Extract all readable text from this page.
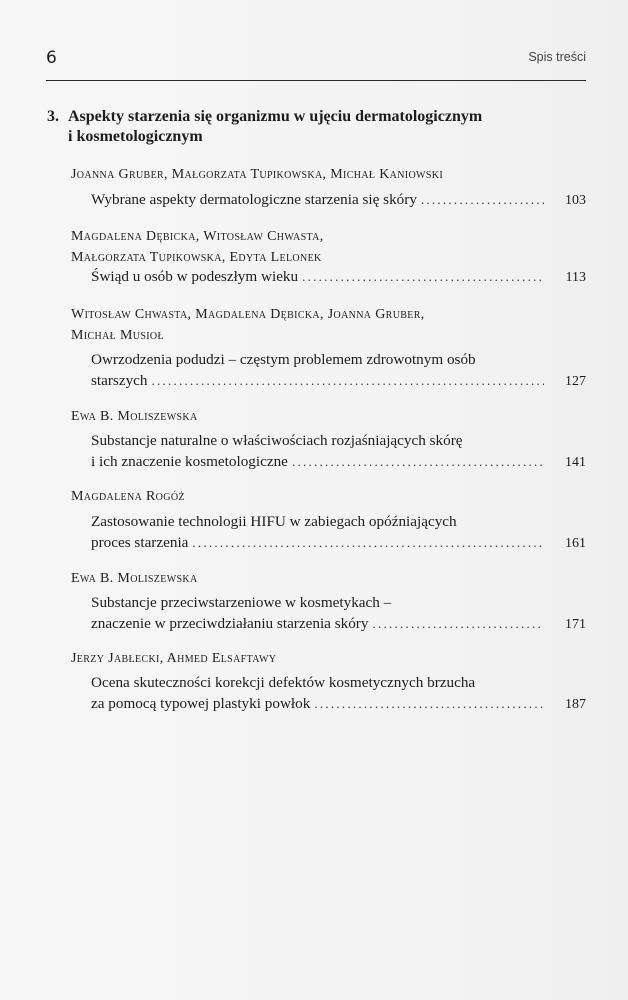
6	Spis treści
3. Aspekty starzenia się organizmu w ujęciu dermatologicznym
i kosmetologicznym
Joanna Gruber, Małgorzata Tupikowska, Michał Kaniowski
Wybrane aspekty dermatologiczne starzenia się skóry .....	103
Magdalena Dębicka, Witosław Chwasta,
Małgorzata Tupikowska, Edyta Lelonek
Świąd u osób w podeszłym wieku .....	113
Witosław Chwasta, Magdalena Dębicka, Joanna Gruber,
Michał Musioł
Owrzodzenia podudzi – częstym problemem zdrowotnym osób
starszych .....	127
Ewa B. Moliszewska
Substancje naturalne o właściwościach rozjaśniających skórę
i ich znaczenie kosmetologiczne .....	141
Magdalena Rogóż
Zastosowanie technologii HIFU w zabiegach opóźniających
proces starzenia .....	161
Ewa B. Moliszewska
Substancje przeciwstarzeniowe w kosmetykach –
znaczenie w przeciwdziałaniu starzenia skóry .....	171
Jerzy Jabłecki, Ahmed Elsaftawy
Ocena skuteczności korekcji defektów kosmetycznych brzucha
za pomocą typowej plastyki powłok .....	187
